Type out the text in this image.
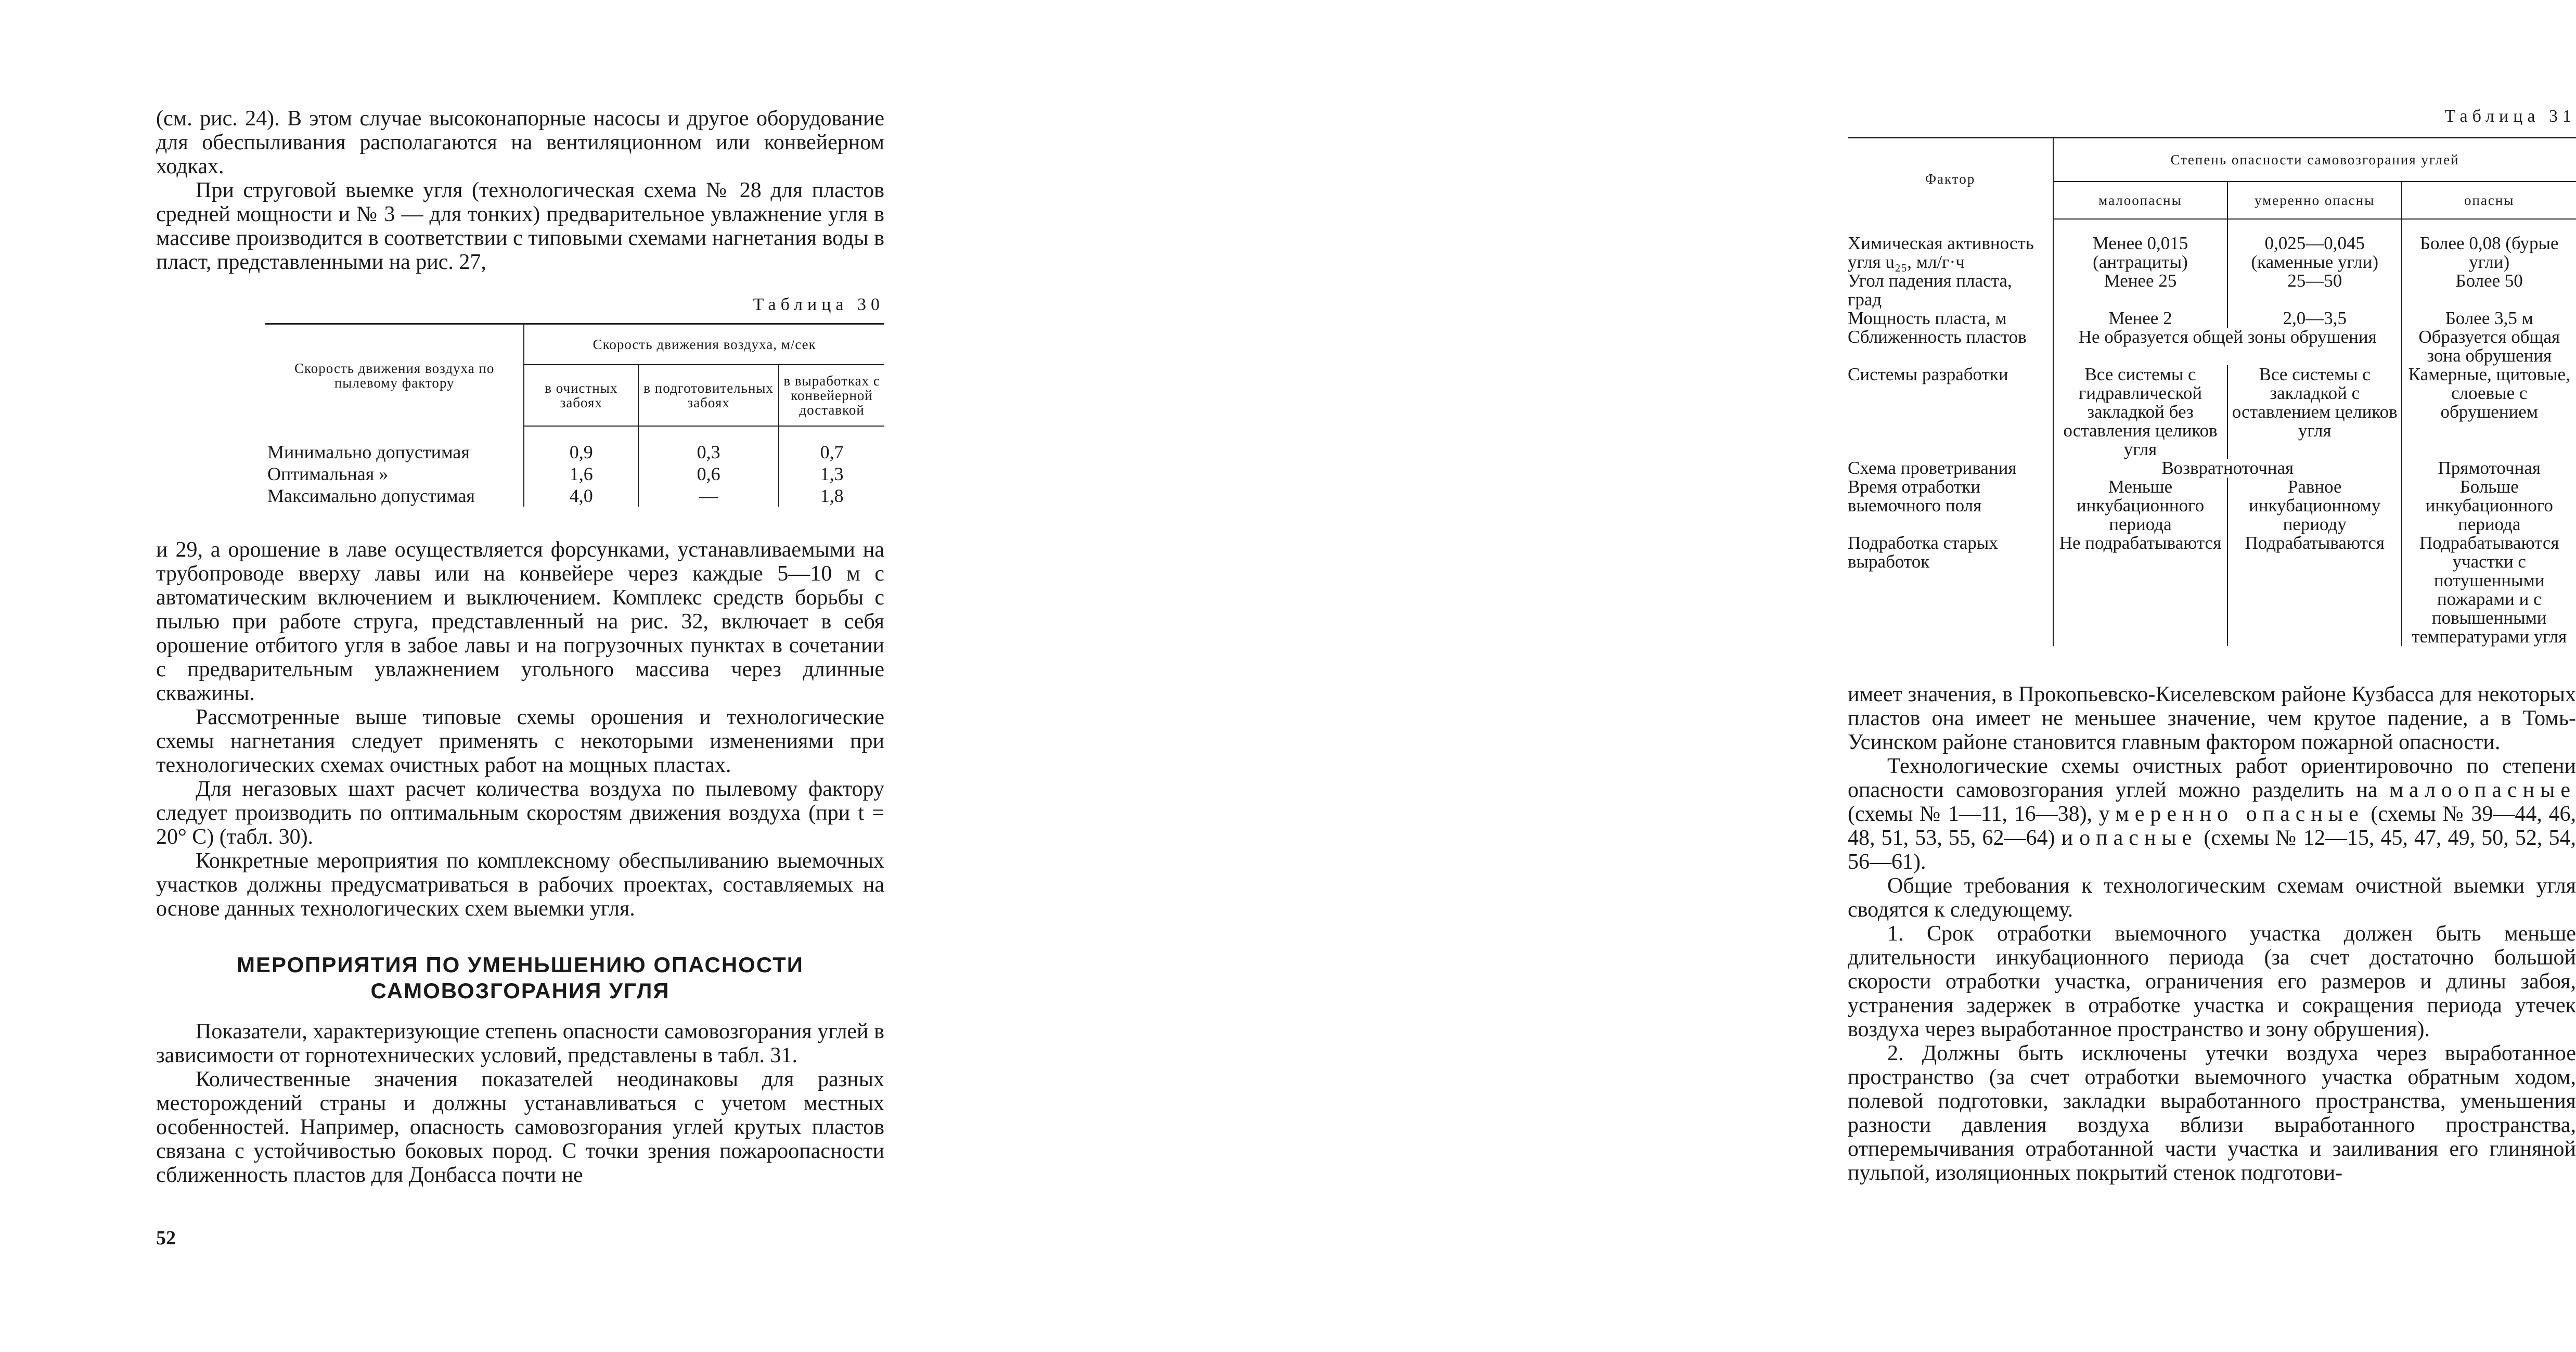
(см. рис. 24). В этом случае высоконапорные насосы и другое оборудование для обеспыливания располагаются на вентиляционном или конвейерном ходках.

При струговой выемке угля (технологическая схема № 28 для пластов средней мощности и № 3 — для тонких) предварительное увлажнение угля в массиве производится в соответствии с типовыми схемами нагнетания воды в пласт, представленными на рис. 27,

Таблица 30

Скорость движения воздуха по пылевому фактору	Скорость движения воздуха, м/сек		
	в очистных забоях	в подготовительных забоях	в выработках с конвейерной доставкой

Минимально допустимая	0,9	0,3	0,7
Оптимальная »	1,6	0,6	1,3
Максимально допустимая	4,0	—	1,8

и 29, а орошение в лаве осуществляется форсунками, устанавливаемыми на трубопроводе вверху лавы или на конвейере через каждые 5—10 м с автоматическим включением и выключением. Комплекс средств борьбы с пылью при работе струга, представленный на рис. 32, включает в себя орошение отбитого угля в забое лавы и на погрузочных пунктах в сочетании с предварительным увлажнением угольного массива через длинные скважины.

Рассмотренные выше типовые схемы орошения и технологические схемы нагнетания следует применять с некоторыми изменениями при технологических схемах очистных работ на мощных пластах.

Для негазовых шахт расчет количества воздуха по пылевому фактору следует производить по оптимальным скоростям движения воздуха (при t = 20° С) (табл. 30).

Конкретные мероприятия по комплексному обеспыливанию выемочных участков должны предусматриваться в рабочих проектах, составляемых на основе данных технологических схем выемки угля.

МЕРОПРИЯТИЯ ПО УМЕНЬШЕНИЮ ОПАСНОСТИ
САМОВОЗГОРАНИЯ УГЛЯ

Показатели, характеризующие степень опасности самовозгорания углей в зависимости от горнотехнических условий, представлены в табл. 31.

Количественные значения показателей неодинаковы для разных месторождений страны и должны устанавливаться с учетом местных особенностей. Например, опасность самовозгорания углей крутых пластов связана с устойчивостью боковых пород. С точки зрения пожароопасности сближенность пластов для Донбасса почти не

52

Таблица 31

Фактор	Степень опасности самовозгорания углей		
	малоопасны	умеренно опасны	опасны

Химическая активность угля u₂₅, мл/г·ч	Менее 0,015 (антрациты)	0,025—0,045 (каменные угли)	Более 0,08 (бурые угли)
Угол падения пласта, град	Менее 25	25—50	Более 50
Мощность пласта, м	Менее 2	2,0—3,5	Более 3,5 м
Сближенность пластов	Не образуется общей зоны обрушения		Образуется общая зона обрушения
Системы разработки	Все системы с гидравлической закладкой без оставления целиков угля	Все системы с закладкой с оставлением целиков угля	Камерные, щитовые, слоевые с обрушением
Схема проветривания	Возвратноточная		Прямоточная
Время отработки выемочного поля	Меньше инкубационного периода	Равное инкубационному периоду	Больше инкубационного периода
Подработка старых выработок	Не подрабатываются	Подрабатываются	Подрабатываются участки с потушенными пожарами и с повышенными температурами угля

имеет значения, в Прокопьевско-Киселевском районе Кузбасса для некоторых пластов она имеет не меньшее значение, чем крутое падение, а в Томь-Усинском районе становится главным фактором пожарной опасности.

Технологические схемы очистных работ ориентировочно по степени опасности самовозгорания углей можно разделить на малоопасные (схемы № 1—11, 16—38), умеренно опасные (схемы № 39—44, 46, 48, 51, 53, 55, 62—64) и опасные (схемы № 12—15, 45, 47, 49, 50, 52, 54, 56—61).

Общие требования к технологическим схемам очистной выемки угля сводятся к следующему.

1. Срок отработки выемочного участка должен быть меньше длительности инкубационного периода (за счет достаточно большой скорости отработки участка, ограничения его размеров и длины забоя, устранения задержек в отработке участка и сокращения периода утечек воздуха через выработанное пространство и зону обрушения).

2. Должны быть исключены утечки воздуха через выработанное пространство (за счет отработки выемочного участка обратным ходом, полевой подготовки, закладки выработанного пространства, уменьшения разности давления воздуха вблизи выработанного пространства, отперемычивания отработанной части участка и заиливания его глиняной пульпой, изоляционных покрытий стенок подготови-
